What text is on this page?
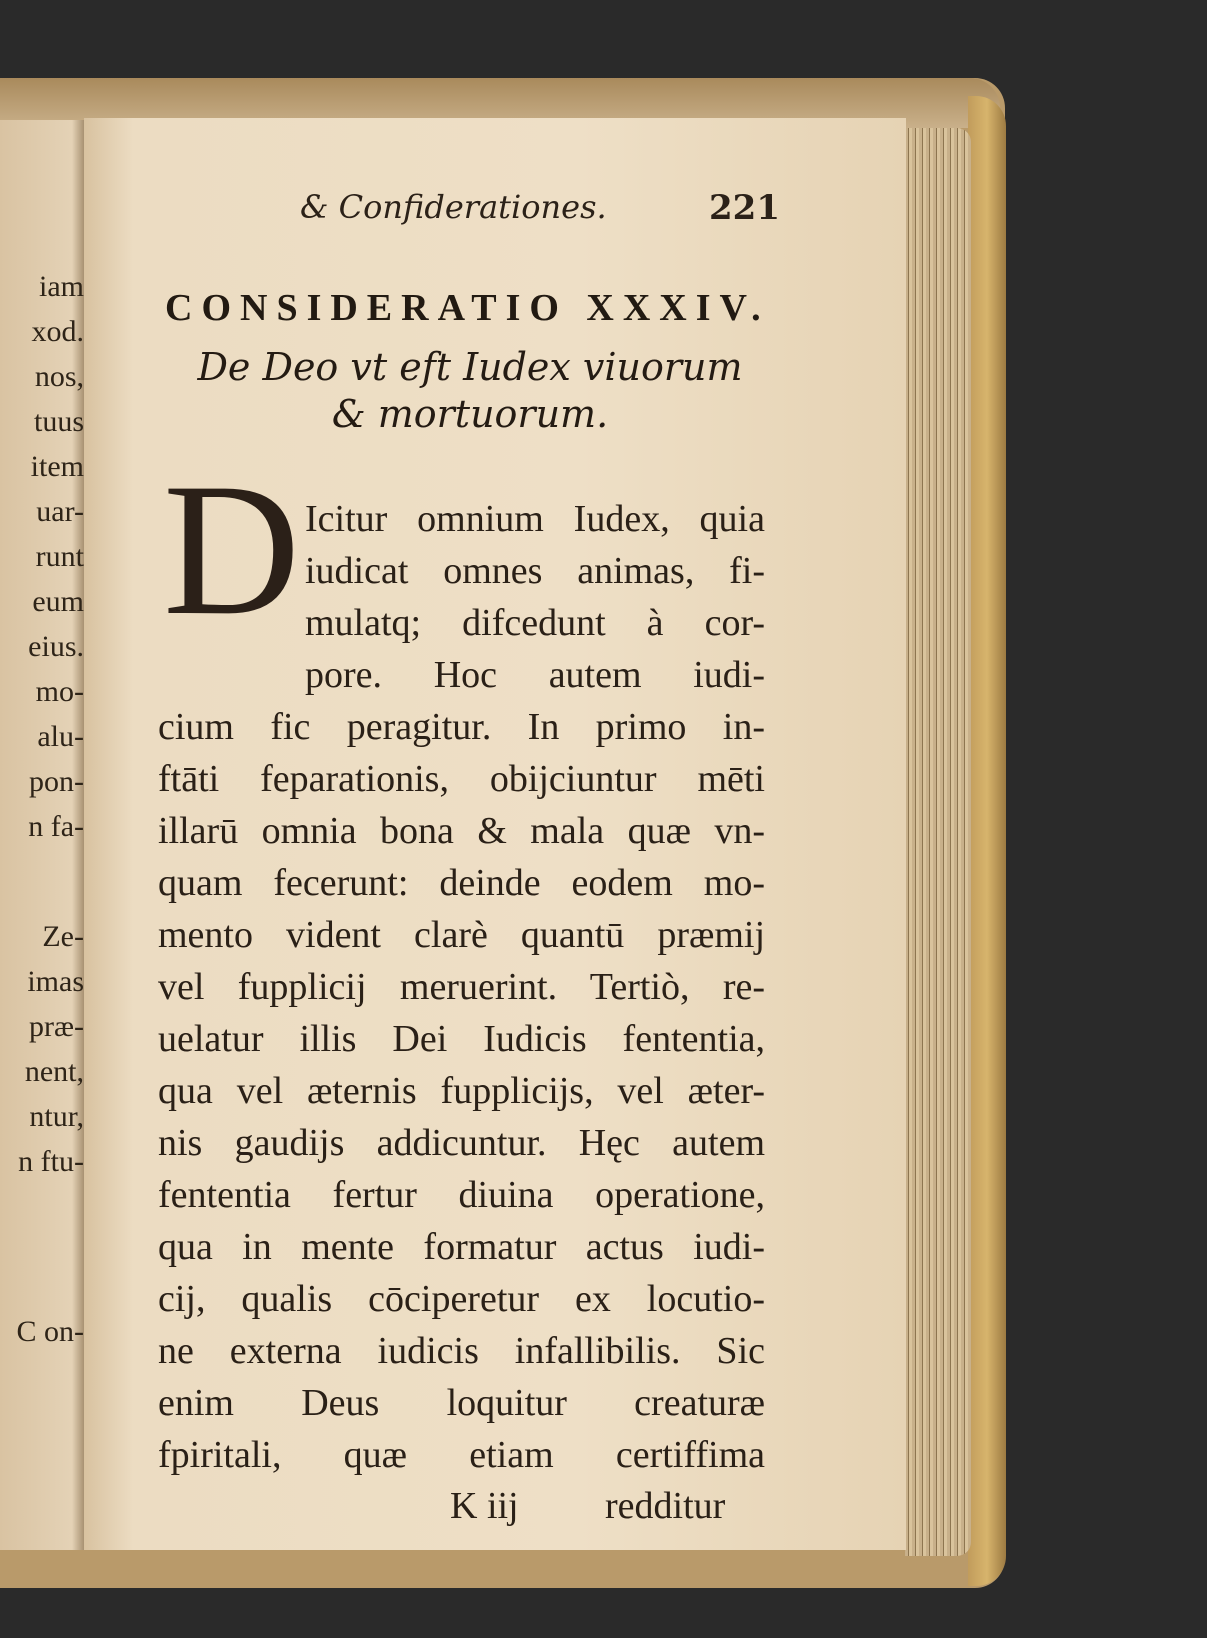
iam
xod.
nos,
tuus
item
uar-
runt
eum
eius.
mo-
alu-
pon-
n fa-
Ze-
imas
præ-
nent,
ntur,
n ftu-
C on-
& Confiderationes.	221
CONSIDERATIO XXXIV.
De Deo vt eft Iudex viuorum
& mortuorum.
D Icitur omnium Iudex, quia
iudicat omnes animas, fi-
mulatq; difcedunt à cor-
pore. Hoc autem iudi-
cium fic peragitur. In primo in-
ftāti feparationis, obijciuntur mēti
illarū omnia bona & mala quæ vn-
quam fecerunt: deinde eodem mo-
mento vident clarè quantū præmij
vel fupplicij meruerint. Tertiò, re-
uelatur illis Dei Iudicis fententia,
qua vel æternis fupplicijs, vel æter-
nis gaudijs addicuntur. Hęc autem
fententia fertur diuina operatione,
qua in mente formatur actus iudi-
cij, qualis cōciperetur ex locutio-
ne externa iudicis infallibilis. Sic
enim Deus loquitur creaturæ
fpiritali, quæ etiam certiffima
K iij redditur
